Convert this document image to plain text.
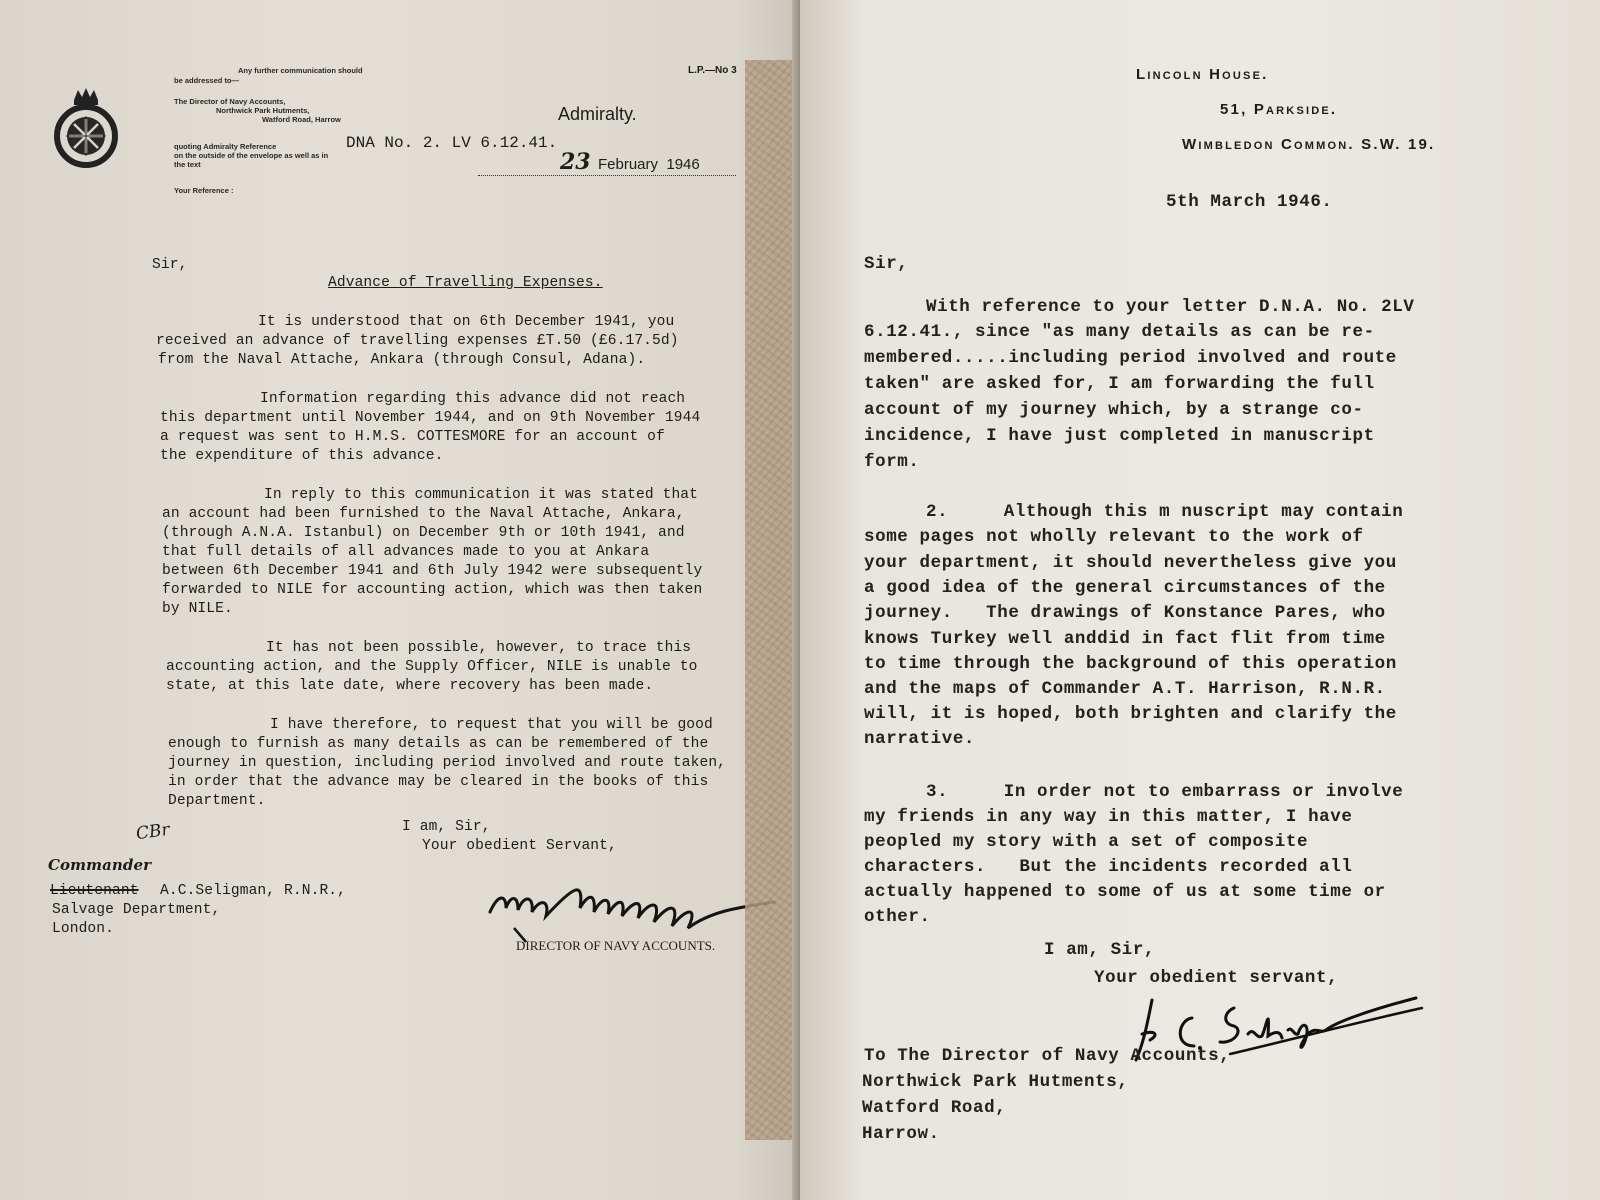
Any further communication should
be addressed to—
The Director of Navy Accounts,
Northwick Park Hutments,
Watford Road, Harrow
quoting Admiralty Reference
on the outside of the envelope as well as in
the text
Your Reference :
DNA No. 2. LV 6.12.41.
L.P.—No 3
Admiralty.
23 February  1946
Sir,
Advance of Travelling Expenses.
It is understood that on 6th December 1941, you
received an advance of travelling expenses £T.50 (£6.17.5d)
from the Naval Attache, Ankara (through Consul, Adana).
Information regarding this advance did not reach
this department until November 1944, and on 9th November 1944
a request was sent to H.M.S. COTTESMORE for an account of
the expenditure of this advance.
In reply to this communication it was stated that
an account had been furnished to the Naval Attache, Ankara,
(through A.N.A. Istanbul) on December 9th or 10th 1941, and
that full details of all advances made to you at Ankara
between 6th December 1941 and 6th July 1942 were subsequently
forwarded to NILE for accounting action, which was then taken
by NILE.
It has not been possible, however, to trace this
accounting action, and the Supply Officer, NILE is unable to
state, at this late date, where recovery has been made.
I have therefore, to request that you will be good
enough to furnish as many details as can be remembered of the
journey in question, including period involved and route taken,
in order that the advance may be cleared in the books of this
Department.
I am, Sir,
Your obedient Servant,
CBr
Commander
Lieutenant A.C.Seligman, R.N.R.,
Salvage Department,
London.
DIRECTOR OF NAVY ACCOUNTS.
Lincoln House.
51, Parkside.
Wimbledon Common. S.W. 19.
5th March 1946.
Sir,
With reference to your letter D.N.A. No. 2LV
6.12.41., since "as many details as can be re-
membered.....including period involved and route
taken" are asked for, I am forwarding the full
account of my journey which, by a strange co-
incidence, I have just completed in manuscript
form.
2.     Although this m nuscript may contain
some pages not wholly relevant to the work of
your department, it should nevertheless give you
a good idea of the general circumstances of the
journey.   The drawings of Konstance Pares, who
knows Turkey well anddid in fact flit from time
to time through the background of this operation
and the maps of Commander A.T. Harrison, R.N.R.
will, it is hoped, both brighten and clarify the
narrative.
3.     In order not to embarrass or involve
my friends in any way in this matter, I have
peopled my story with a set of composite
characters.   But the incidents recorded all
actually happened to some of us at some time or
other.
I am, Sir,
Your obedient servant,
To The Director of Navy Accounts,
Northwick Park Hutments,
Watford Road,
Harrow.
